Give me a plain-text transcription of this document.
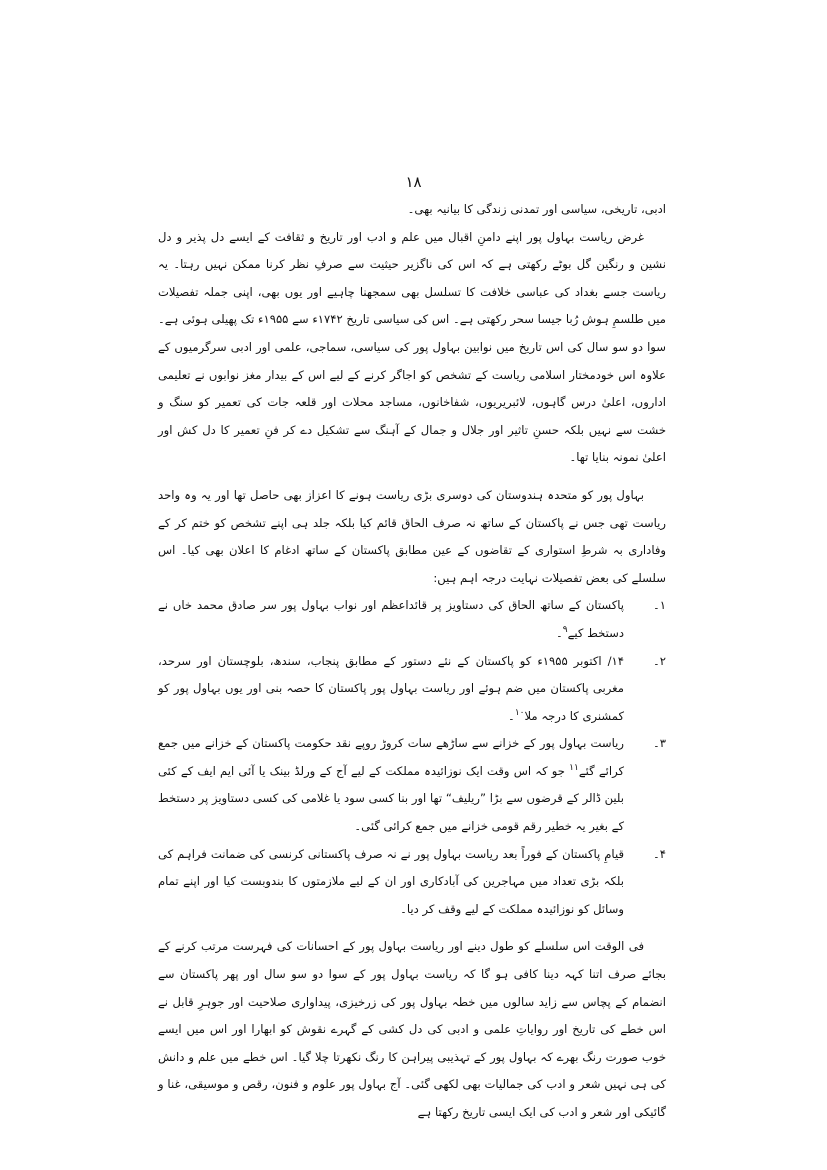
۱۸

ادبی، تاریخی، سیاسی اور تمدنی زندگی کا بیانیہ بھی۔

غرض ریاست بہاول پور اپنے دامنِ اقبال میں علم و ادب اور تاریخ و ثقافت کے ایسے دل پذیر و دل نشین و رنگین گل بوٹے رکھتی ہے کہ اس کی ناگزیر حیثیت سے صرفِ نظر کرنا ممکن نہیں رہتا۔ یہ ریاست جسے بغداد کی عباسی خلافت کا تسلسل بھی سمجھنا چاہیے اور یوں بھی، اپنی جملہ تفصیلات میں طلسمِ ہوش رُبا جیسا سحر رکھتی ہے۔ اس کی سیاسی تاریخ ۱۷۴۲ء سے ۱۹۵۵ء تک پھیلی ہوئی ہے۔ سوا دو سو سال کی اس تاریخ میں نوابین بہاول پور کی سیاسی، سماجی، علمی اور ادبی سرگرمیوں کے علاوہ اس خودمختار اسلامی ریاست کے تشخص کو اجاگر کرنے کے لیے اس کے بیدار مغز نوابوں نے تعلیمی اداروں، اعلیٰ درس گاہوں، لائبریریوں، شفاخانوں، مساجد محلات اور قلعہ جات کی تعمیر کو سنگ و خشت سے نہیں بلکہ حسنِ تاثیر اور جلال و جمال کے آہنگ سے تشکیل دے کر فنِ تعمیر کا دل کش اور اعلیٰ نمونہ بنایا تھا۔

بہاول پور کو متحدہ ہندوستان کی دوسری بڑی ریاست ہونے کا اعزاز بھی حاصل تھا اور یہ وہ واحد ریاست تھی جس نے پاکستان کے ساتھ نہ صرف الحاق قائم کیا بلکہ جلد ہی اپنے تشخص کو ختم کر کے وفاداری بہ شرطِ استواری کے تقاضوں کے عین مطابق پاکستان کے ساتھ ادغام کا اعلان بھی کیا۔ اس سلسلے کی بعض تفصیلات نہایت درجہ اہم ہیں:

۱۔
پاکستان کے ساتھ الحاق کی دستاویز پر قائداعظم اور نواب بہاول پور سر صادق محمد خاں نے دستخط کیے$^۹$۔
۲۔
۱۴/ اکتوبر ۱۹۵۵ء کو پاکستان کے نئے دستور کے مطابق پنجاب، سندھ، بلوچستان اور سرحد، مغربی پاکستان میں ضم ہوئے اور ریاست بہاول پور پاکستان کا حصہ بنی اور یوں بہاول پور کو کمشنری کا درجہ ملا$^{۱۰}$۔
۳۔
ریاست بہاول پور کے خزانے سے ساڑھے سات کروڑ روپے نقد حکومت پاکستان کے خزانے میں جمع کرائے گئے$^{۱۱}$ جو کہ اس وقت ایک نوزائیدہ مملکت کے لیے آج کے ورلڈ بینک یا آئی ایم ایف کے کئی بلین ڈالر کے قرضوں سے بڑا ”ریلیف“ تھا اور بنا کسی سود یا غلامی کی کسی دستاویز پر دستخط کے بغیر یہ خطیر رقم قومی خزانے میں جمع کرائی گئی۔
۴۔
قیامِ پاکستان کے فوراً بعد ریاست بہاول پور نے نہ صرف پاکستانی کرنسی کی ضمانت فراہم کی بلکہ بڑی تعداد میں مہاجرین کی آبادکاری اور ان کے لیے ملازمتوں کا بندوبست کیا اور اپنے تمام وسائل کو نوزائیدہ مملکت کے لیے وقف کر دیا۔

فی الوقت اس سلسلے کو طول دینے اور ریاست بہاول پور کے احسانات کی فہرست مرتب کرنے کے بجائے صرف اتنا کہہ دینا کافی ہو گا کہ ریاست بہاول پور کے سوا دو سو سال اور پھر پاکستان سے انضمام کے پچاس سے زاید سالوں میں خطہ بہاول پور کی زرخیزی، پیداواری صلاحیت اور جوہرِ قابل نے اس خطے کی تاریخ اور روایاتِ علمی و ادبی کی دل کشی کے گہرے نقوش کو ابھارا اور اس میں ایسے خوب صورت رنگ بھرے کہ بہاول پور کے تہذیبی پیراہن کا رنگ نکھرتا چلا گیا۔ اس خطے میں علم و دانش کی ہی نہیں شعر و ادب کی جمالیات بھی لکھی گئی۔ آج بہاول پور علوم و فنون، رقص و موسیقی، غنا و گائیکی اور شعر و ادب کی ایک ایسی تاریخ رکھتا ہے
